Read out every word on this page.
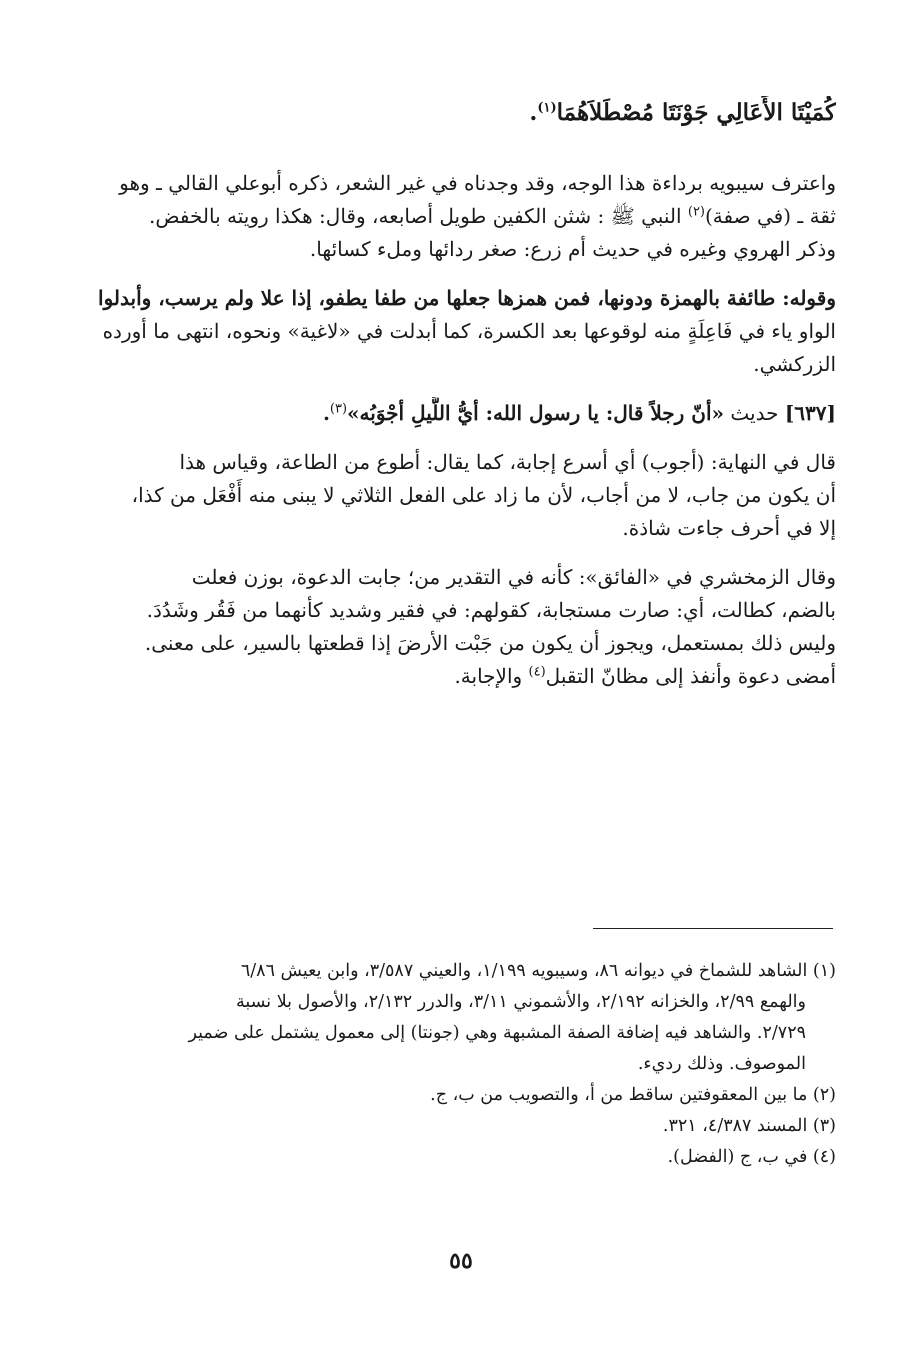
كُمَيْتَا الأَعَالِي جَوْنَتَا مُصْطَلاَهُمَا$^{(١)}$.

واعترف سيبويه برداءة هذا الوجه، وقد وجدناه في غير الشعر، ذكره أبوعلي القالي ـ وهو

ثقة ـ (في صفة)$^{(٢)}$ النبي ﷺ : شثن الكفين طويل أصابعه، وقال: هكذا رويته بالخفض.

وذكر الهروي وغيره في حديث أم زرع: صغر ردائها وملء كسائها.

وقوله: طائفة بالهمزة ودونها، فمن همزها جعلها من طفا يطفو، إذا علا ولم يرسب، وأبدلوا

الواو ياء في فَاعِلَةٍ منه لوقوعها بعد الكسرة، كما أبدلت في «لاغية» ونحوه، انتهى ما أورده

الزركشي.

[٦٣٧] حديث «أنّ رجلاً قال: يا رسول الله: أيُّ اللَّيلِ أجْوَبُه»$^{(٣)}$.

قال في النهاية: (أجوب) أي أسرع إجابة، كما يقال: أطوع من الطاعة، وقياس هذا

أن يكون من جاب، لا من أجاب، لأن ما زاد على الفعل الثلاثي لا يبنى منه أَفْعَل من كذا،

إلا في أحرف جاءت شاذة.

وقال الزمخشري في «الفائق»: كأنه في التقدير من؛ جابت الدعوة، بوزن فعلت

بالضم، كطالت، أي: صارت مستجابة، كقولهم: في فقير وشديد كأنهما من فَقُر وشَدُدَ.

وليس ذلك بمستعمل، ويجوز أن يكون من جَبْت الأرضَ إذا قطعتها بالسير، على معنى.

أمضى دعوة وأنفذ إلى مظانّ التقبل$^{(٤)}$ والإجابة.

(١) الشاهد للشماخ في ديوانه ٨٦، وسيبويه ١/١٩٩، والعيني ٣/٥٨٧، وابن يعيش ٦/٨٦

والهمع ٢/٩٩، والخزانه ٢/١٩٢، والأشموني ٣/١١، والدرر ٢/١٣٢، والأصول بلا نسبة

٢/٧٢٩. والشاهد فيه إضافة الصفة المشبهة وهي (جونتا) إلى معمول يشتمل على ضمير

الموصوف. وذلك رديء.

(٢) ما بين المعقوفتين ساقط من أ، والتصويب من ب، ج.

(٣) المسند ٤/٣٨٧، ٣٢١.

(٤) في ب، ج (الفضل).

٥٥
